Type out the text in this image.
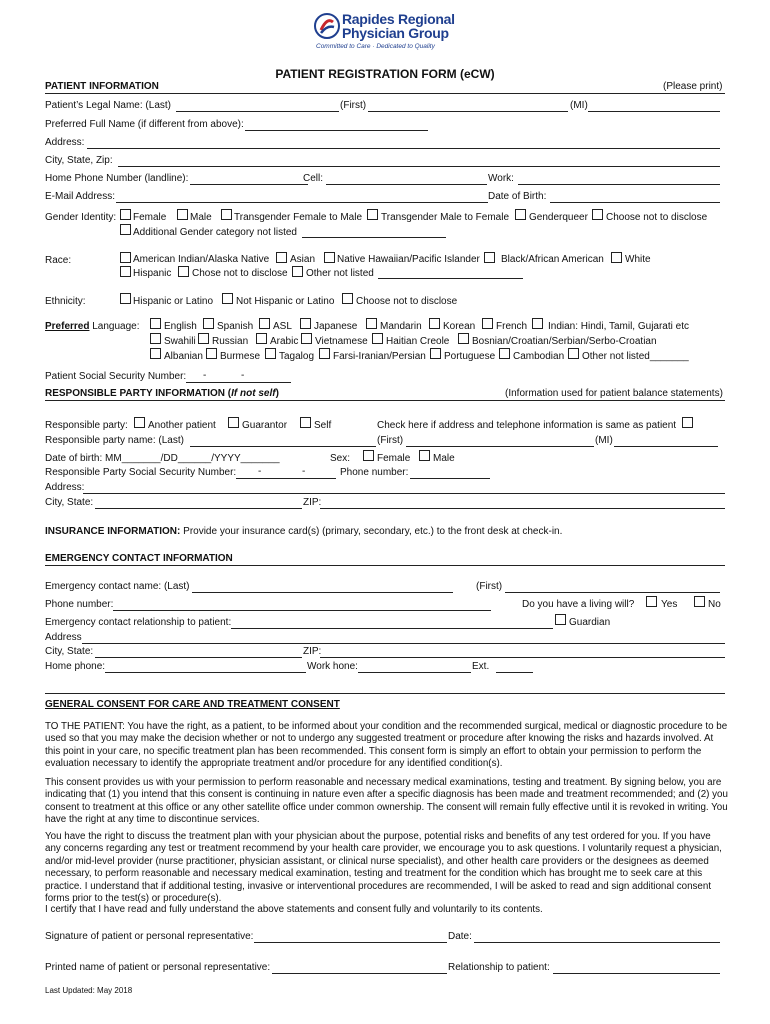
Rapides Regional
Physician Group
Committed to Care · Dedicated to Quality
PATIENT REGISTRATION FORM (eCW)
PATIENT INFORMATION	(Please print)
Patient’s Legal Name: (Last)	(First)	(MI)
Preferred Full Name (if different from above):
Address:
City, State, Zip:
Home Phone Number (landline):	Cell:	Work:
E-Mail Address:	Date of Birth:
Gender Identity: Female Male Transgender Female to Male Transgender Male to Female Genderqueer Choose not to disclose
Additional Gender category not listed
Race:	American Indian/Alaska Native Asian Native Hawaiian/Pacific Islander Black/African American White
Hispanic Chose not to disclose Other not listed
Ethnicity:	Hispanic or Latino Not Hispanic or Latino Choose not to disclose
Preferred Language: English Spanish ASL Japanese Mandarin Korean French Indian: Hindi, Tamil, Gujarati etc
Swahili Russian Arabic Vietnamese Haitian Creole Bosnian/Croatian/Serbian/Serbo-Croatian
Albanian Burmese Tagalog Farsi-Iranian/Persian Portuguese Cambodian Other not listed_______
Patient Social Security Number: -	-
RESPONSIBLE PARTY INFORMATION (If not self)	(Information used for patient balance statements)
Responsible party: Another patient	Guarantor	Self	Check here if address and telephone information is same as patient
Responsible party name: (Last)	(First)	(MI)
Date of birth: MM_______/DD______/YYYY_______	Sex:	Female Male
Responsible Party Social Security Number: -	-	Phone number:
Address:
City, State:	ZIP:
INSURANCE INFORMATION: Provide your insurance card(s) (primary, secondary, etc.) to the front desk at check-in.
EMERGENCY CONTACT INFORMATION
Emergency contact name: (Last)	(First)
Phone number:	Do you have a living will?	Yes	No
Emergency contact relationship to patient:	Guardian
Address
City, State:	ZIP:
Home phone:	Work hone:	Ext.
GENERAL CONSENT FOR CARE AND TREATMENT CONSENT

TO THE PATIENT: You have the right, as a patient, to be informed about your condition and the recommended surgical, medical or diagnostic procedure to be used so that you may make the decision whether or not to undergo any suggested treatment or procedure after knowing the risks and hazards involved. At this point in your care, no specific treatment plan has been recommended. This consent form is simply an effort to obtain your permission to perform the evaluation necessary to identify the appropriate treatment and/or procedure for any identified condition(s).

This consent provides us with your permission to perform reasonable and necessary medical examinations, testing and treatment. By signing below, you are indicating that (1) you intend that this consent is continuing in nature even after a specific diagnosis has been made and treatment recommended; and (2) you consent to treatment at this office or any other satellite office under common ownership. The consent will remain fully effective until it is revoked in writing. You have the right at any time to discontinue services.

You have the right to discuss the treatment plan with your physician about the purpose, potential risks and benefits of any test ordered for you. If you have any concerns regarding any test or treatment recommend by your health care provider, we encourage you to ask questions. I voluntarily request a physician, and/or mid-level provider (nurse practitioner, physician assistant, or clinical nurse specialist), and other health care providers or the designees as deemed necessary, to perform reasonable and necessary medical examination, testing and treatment for the condition which has brought me to seek care at this practice. I understand that if additional testing, invasive or interventional procedures are recommended, I will be asked to read and sign additional consent forms prior to the test(s) or procedure(s).

I certify that I have read and fully understand the above statements and consent fully and voluntarily to its contents.

Signature of patient or personal representative:	Date:
Printed name of patient or personal representative:	Relationship to patient:
Last Updated: May 2018
